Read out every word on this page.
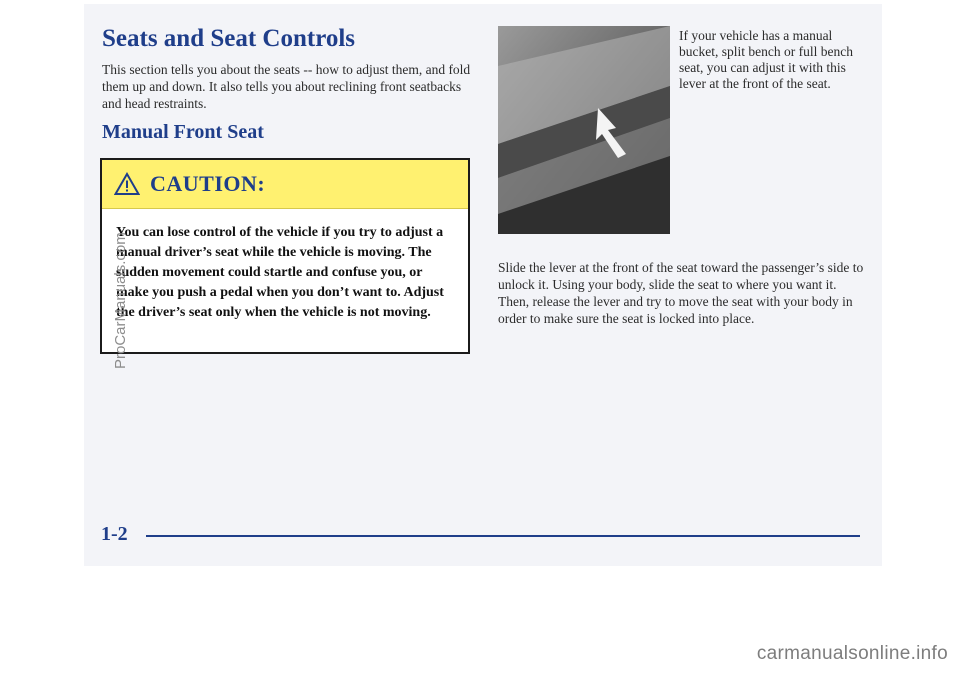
Seats and Seat Controls

This section tells you about the seats -- how to adjust them, and fold them up and down. It also tells you about reclining front seatbacks and head restraints.

Manual Front Seat
CAUTION:

You can lose control of the vehicle if you try to adjust a manual driver’s seat while the vehicle is moving. The sudden movement could startle and confuse you, or make you push a pedal when you don’t want to. Adjust the driver’s seat only when the vehicle is not moving.

If your vehicle has a manual bucket, split bench or full bench seat, you can adjust it with this lever at the front of the seat.

Slide the lever at the front of the seat toward the passenger’s side to unlock it. Using your body, slide the seat to where you want it. Then, release the lever and try to move the seat with your body in order to make sure the seat is locked into place.

1-2
ProCarManuals.com

carmanualsonline.info
